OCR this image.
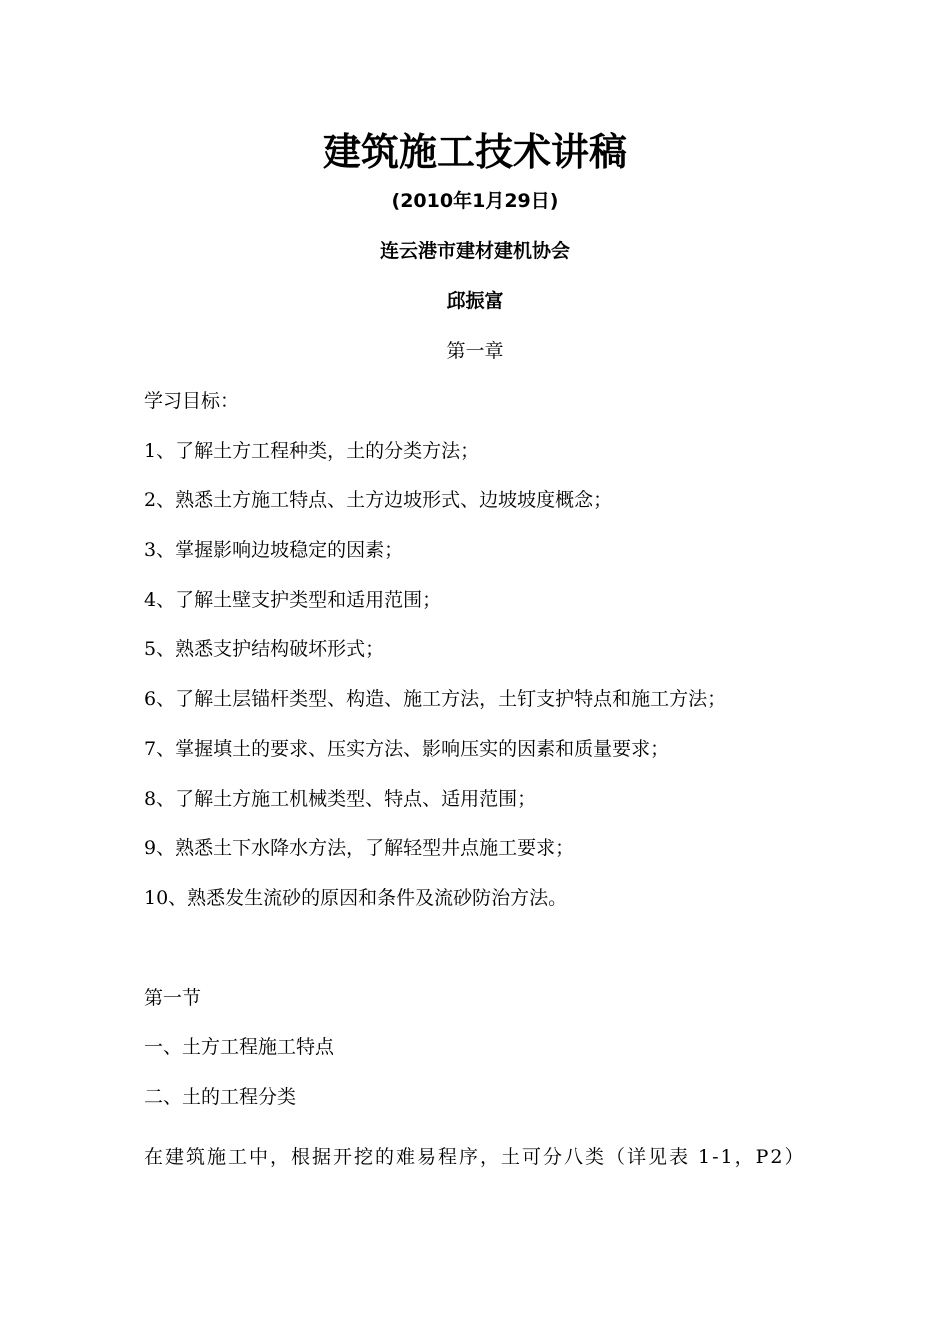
建筑施工技术讲稿
(2010年1月29日)
连云港市建材建机协会
邱振富
第一章
学习目标：
1、了解土方工程种类，土的分类方法；
2、熟悉土方施工特点、土方边坡形式、边坡坡度概念；
3、掌握影响边坡稳定的因素；
4、了解土壁支护类型和适用范围；
5、熟悉支护结构破坏形式；
6、了解土层锚杆类型、构造、施工方法，土钉支护特点和施工方法；
7、掌握填土的要求、压实方法、影响压实的因素和质量要求；
8、了解土方施工机械类型、特点、适用范围；
9、熟悉土下水降水方法，了解轻型井点施工要求；
10、熟悉发生流砂的原因和条件及流砂防治方法。
第一节
一、土方工程施工特点
二、土的工程分类
在建筑施工中，根据开挖的难易程序，土可分八类（详见表 1-1，P2）
